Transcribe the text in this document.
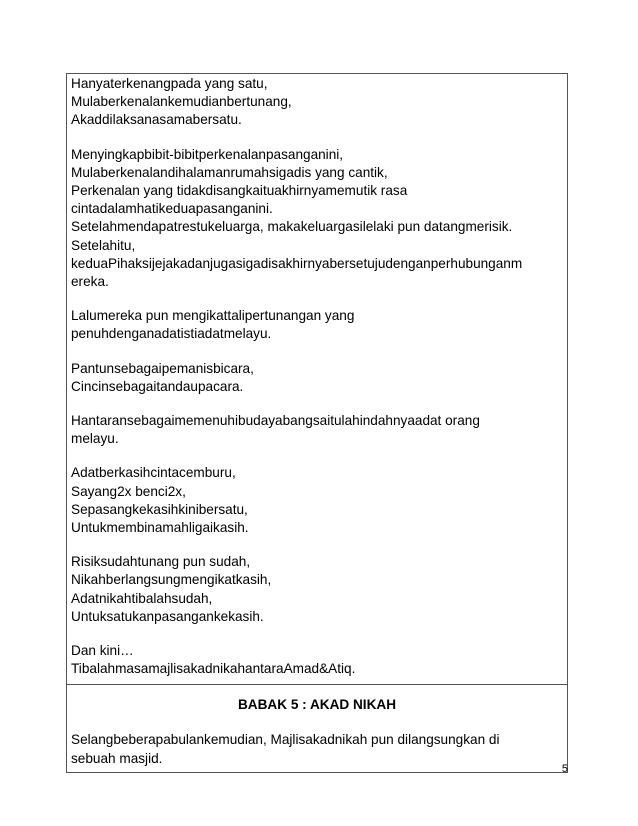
Hanyaterkenangpada yang satu,
Mulaberkenalankemudianbertunang,
Akaddilaksanasamabersatu.

Menyingkapbibit-bibitperkenalanpasanganini,
Mulaberkenalandihalamanrumahsigadis yang cantik,
Perkenalan yang tidakdisangkaituakhirnyamemutik rasa
cintadalamhatikeduapasanganini.
Setelahmendapatrestukeluarga, makakeluargasilelaki pun datangmerisik.
Setelahitu,
keduaPihaksijejakadanjugasigadisakhirnyabersetujudenganperhubunganm
ereka.

Lalumereka pun mengikattalipertunangan yang
penuhdenganadatistiadatmelayu.

Pantunsebagaipemanisbicara,
Cincinsebagaitandaupacara.

Hantaransebagaimemenuhibudayabangsaitulahindahnyaadat orang
melayu.

Adatberkasihcintacemburu,
Sayang2x benci2x,
Sepasangkekasihkinibersatu,
Untukmembinamahligaikasih.

Risiksudahtunang pun sudah,
Nikahberlangsungmengikatkasih,
Adatnikahtibalahsudah,
Untuksatukanpasangankekasih.

Dan kini…
TibalahmasamajlisakadnikahantaraAmad&Atiq.

BABAK 5 : AKAD NIKAH

Selangbeberapabulankemudian, Majlisakadnikah pun dilangsungkan di
sebuah masjid.

5
